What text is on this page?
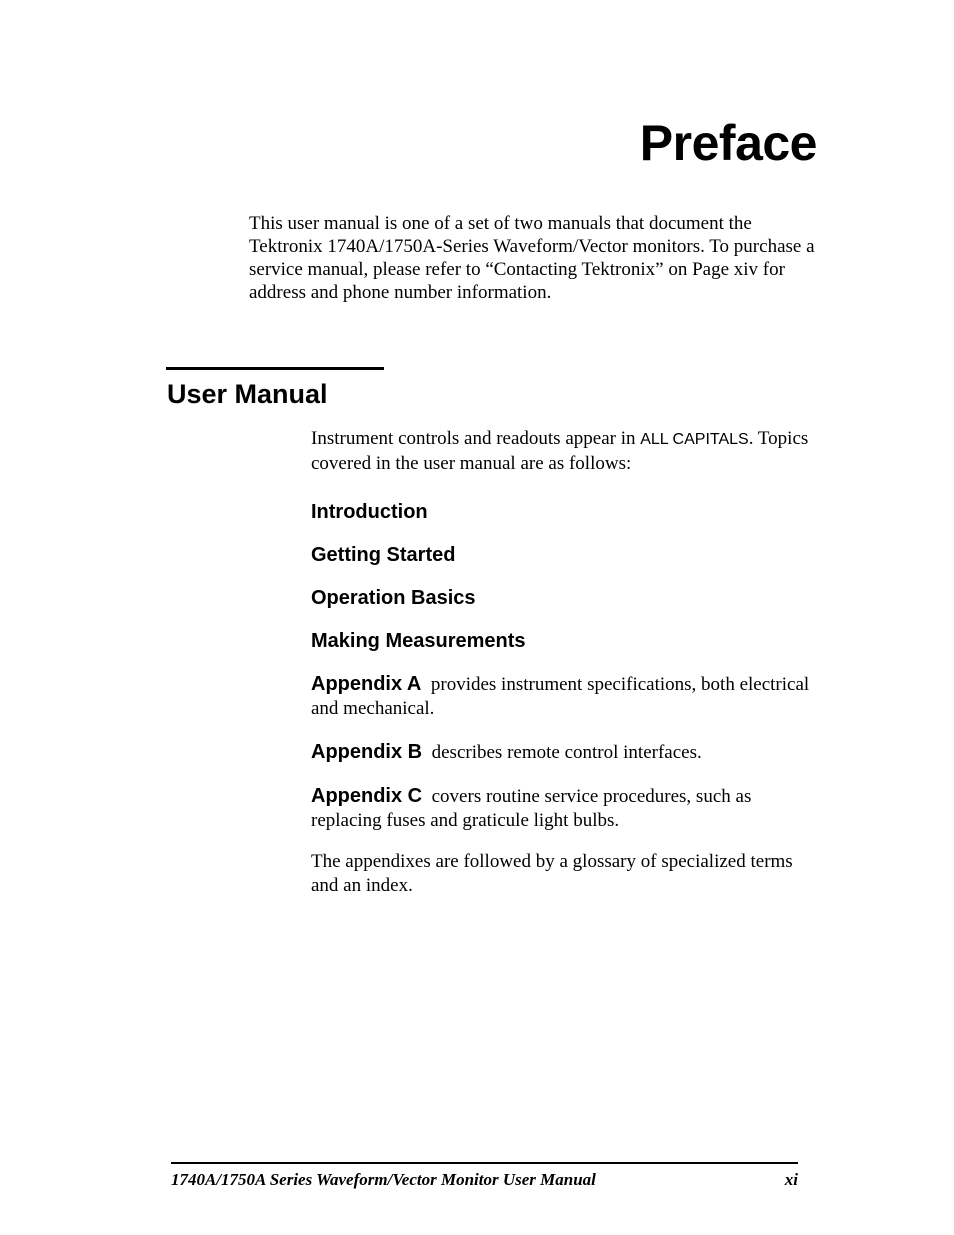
Preface

This user manual is one of a set of two manuals that document the Tektronix 1740A/1750A-Series Waveform/Vector monitors. To purchase a service manual, please refer to “Contacting Tektronix” on Page xiv for address and phone number information.

User Manual

Instrument controls and readouts appear in ALL CAPITALS. Topics covered in the user manual are as follows:

Introduction

Getting Started

Operation Basics

Making Measurements

Appendix A provides instrument specifications, both electrical and mechanical.

Appendix B describes remote control interfaces.

Appendix C covers routine service procedures, such as replacing fuses and graticule light bulbs.

The appendixes are followed by a glossary of specialized terms and an index.

1740A/1750A Series Waveform/Vector Monitor User Manual	xi
